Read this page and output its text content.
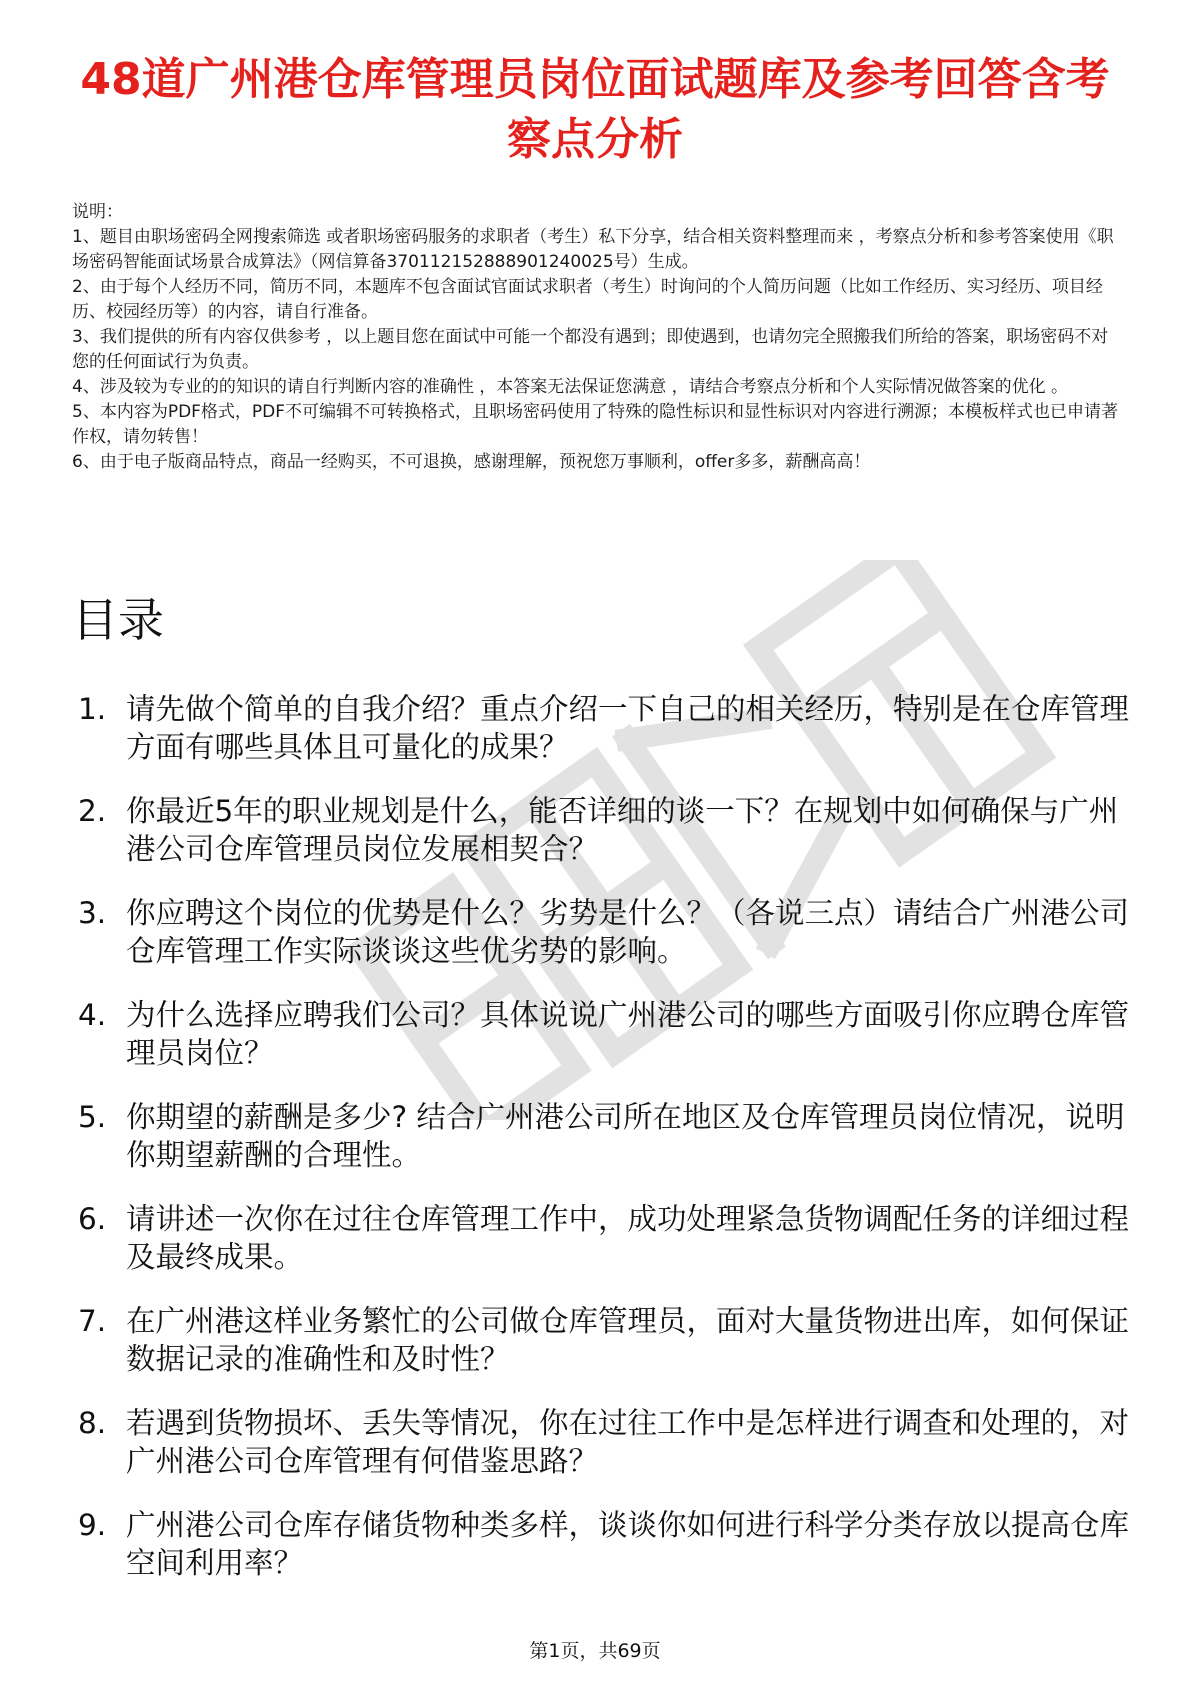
48道广州港仓库管理员岗位面试题库及参考回答含考察点分析
说明：
1、题目由职场密码全网搜索筛选 或者职场密码服务的求职者（考生）私下分享，结合相关资料整理而来 ，考察点分析和参考答案使用《职场密码智能面试场景合成算法》（网信算备370112152888901240025号）生成。
2、由于每个人经历不同，简历不同，本题库不包含面试官面试求职者（考生）时询问的个人简历问题（比如工作经历、实习经历、项目经历、校园经历等）的内容，请自行准备。
3、我们提供的所有内容仅供参考 ，以上题目您在面试中可能一个都没有遇到；即使遇到，也请勿完全照搬我们所给的答案，职场密码不对您的任何面试行为负责。
4、涉及较为专业的的知识的请自行判断内容的准确性 ，本答案无法保证您满意 ，请结合考察点分析和个人实际情况做答案的优化 。
5、本内容为PDF格式，PDF不可编辑不可转换格式，且职场密码使用了特殊的隐性标识和显性标识对内容进行溯源；本模板样式也已申请著作权，请勿转售！
6、由于电子版商品特点，商品一经购买，不可退换，感谢理解，预祝您万事顺利，offer多多，薪酬高高！
目录
1. 请先做个简单的自我介绍？重点介绍一下自己的相关经历，特别是在仓库管理方面有哪些具体且可量化的成果？
2. 你最近5年的职业规划是什么，能否详细的谈一下？在规划中如何确保与广州港公司仓库管理员岗位发展相契合？
3. 你应聘这个岗位的优势是什么？劣势是什么？（各说三点）请结合广州港公司仓库管理工作实际谈谈这些优劣势的影响。
4. 为什么选择应聘我们公司？具体说说广州港公司的哪些方面吸引你应聘仓库管理员岗位？
5. 你期望的薪酬是多少? 结合广州港公司所在地区及仓库管理员岗位情况，说明你期望薪酬的合理性。
6. 请讲述一次你在过往仓库管理工作中，成功处理紧急货物调配任务的详细过程及最终成果。
7. 在广州港这样业务繁忙的公司做仓库管理员，面对大量货物进出库，如何保证数据记录的准确性和及时性？
8. 若遇到货物损坏、丢失等情况，你在过往工作中是怎样进行调查和处理的，对广州港公司仓库管理有何借鉴思路？
9. 广州港公司仓库存储货物种类多样，谈谈你如何进行科学分类存放以提高仓库空间利用率？
第1页，共69页
